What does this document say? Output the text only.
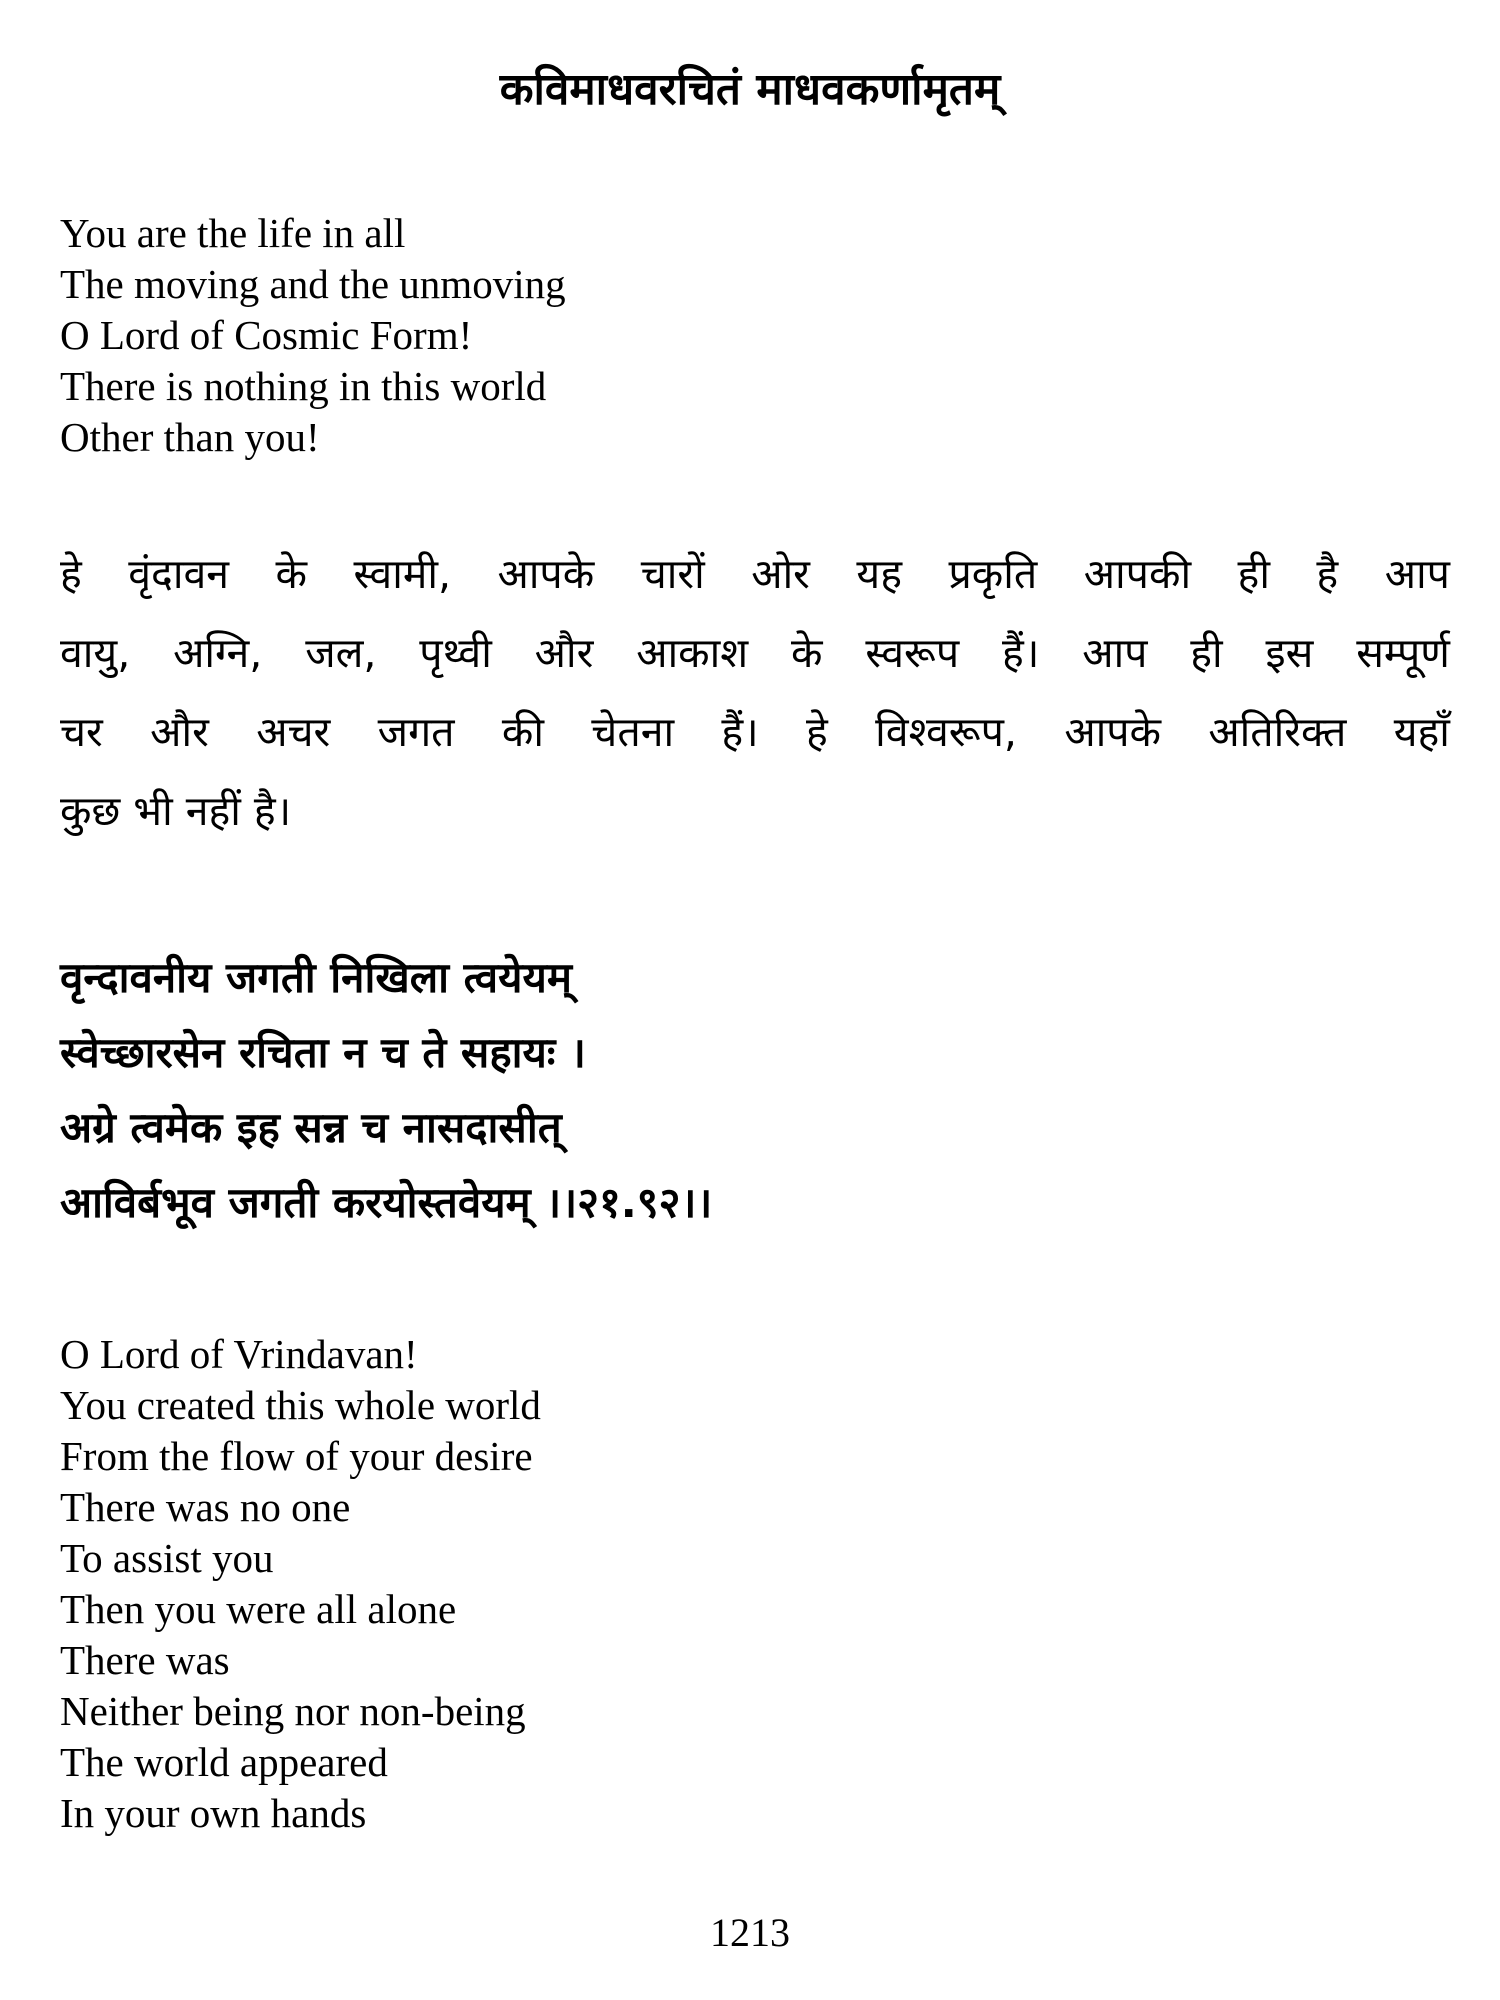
कविमाधवरचितं माधवकर्णामृतम्
You are the life in all
The moving and the unmoving
O Lord of Cosmic Form!
There is nothing in this world
Other than you!
हे वृंदावन के स्वामी, आपके चारों ओर यह प्रकृति आपकी ही है आप
वायु, अग्नि, जल, पृथ्वी और आकाश के स्वरूप हैं। आप ही इस सम्पूर्ण
चर और अचर जगत की चेतना हैं। हे विश्वरूप, आपके अतिरिक्त यहाँ
कुछ भी नहीं है।
वृन्दावनीय जगती निखिला त्वयेयम्
स्वेच्छारसेन रचिता न च ते सहायः ।
अग्रे त्वमेक इह सन्न च नासदासीत्
आविर्बभूव जगती करयोस्तवेयम् ।।२१.९२।।
O Lord of Vrindavan!
You created this whole world
From the flow of your desire
There was no one
To assist you
Then you were all alone
There was
Neither being nor non-being
The world appeared
In your own hands
1213
